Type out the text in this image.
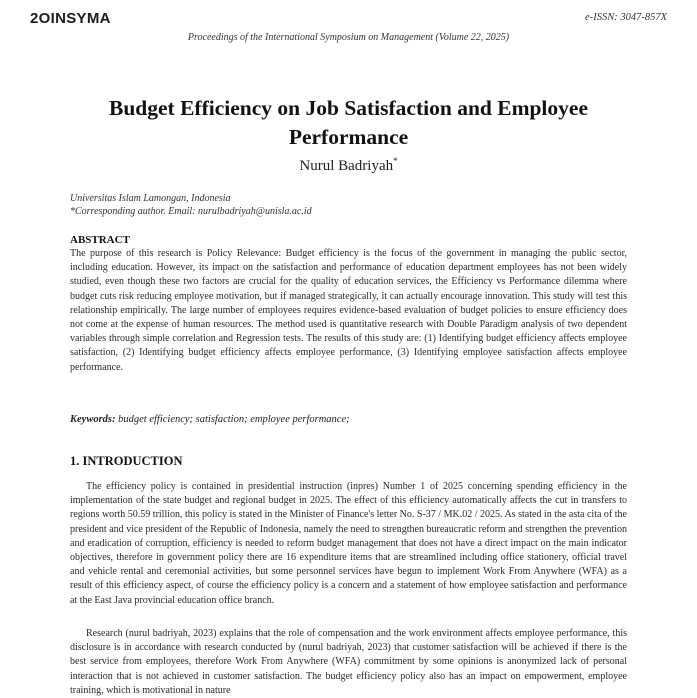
2OINSYMA	e-ISSN: 3047-857X
Proceedings of the International Symposium on Management (Volume 22, 2025)
Budget Efficiency on Job Satisfaction and Employee Performance
Nurul Badriyah*
Universitas Islam Lamongan, Indonesia
*Corresponding author. Email: nurulbadriyah@unisla.ac.id
ABSTRACT
The purpose of this research is Policy Relevance: Budget efficiency is the focus of the government in managing the public sector, including education. However, its impact on the satisfaction and performance of education department employees has not been widely studied, even though these two factors are crucial for the quality of education services, the Efficiency vs Performance dilemma where budget cuts risk reducing employee motivation, but if managed strategically, it can actually encourage innovation. This study will test this relationship empirically. The large number of employees requires evidence-based evaluation of budget policies to ensure efficiency does not come at the expense of human resources. The method used is quantitative research with Double Paradigm analysis of two dependent variables through simple correlation and Regression tests. The results of this study are: (1) Identifying budget efficiency affects employee satisfaction, (2) Identifying budget efficiency affects employee performance, (3) Identifying employee satisfaction affects employee performance.
Keywords: budget efficiency; satisfaction; employee performance;
1. INTRODUCTION
The efficiency policy is contained in presidential instruction (inpres) Number 1 of 2025 concerning spending efficiency in the implementation of the state budget and regional budget in 2025. The effect of this efficiency automatically affects the cut in transfers to regions worth 50.59 trillion, this policy is stated in the Minister of Finance's letter No. S-37 / MK.02 / 2025. As stated in the asta cita of the president and vice president of the Republic of Indonesia, namely the need to strengthen bureaucratic reform and strengthen the prevention and eradication of corruption, efficiency is needed to reform budget management that does not have a direct impact on the main indicator objectives, therefore in government policy there are 16 expenditure items that are streamlined including office stationery, official travel and vehicle rental and ceremonial activities, but some personnel services have begun to implement Work From Anywhere (WFA) as a result of this efficiency aspect, of course the efficiency policy is a concern and a statement of how employee satisfaction and performance at the East Java provincial education office branch.
Research (nurul badriyah, 2023) explains that the role of compensation and the work environment affects employee performance, this disclosure is in accordance with research conducted by (nurul badriyah, 2023) that customer satisfaction will be achieved if there is the best service from employees, therefore Work From Anywhere (WFA) commitment by some opinions is anonymized lack of personal interaction that is not achieved in customer satisfaction. The budget efficiency policy also has an impact on empowerment, employee training, which is motivational in nature
